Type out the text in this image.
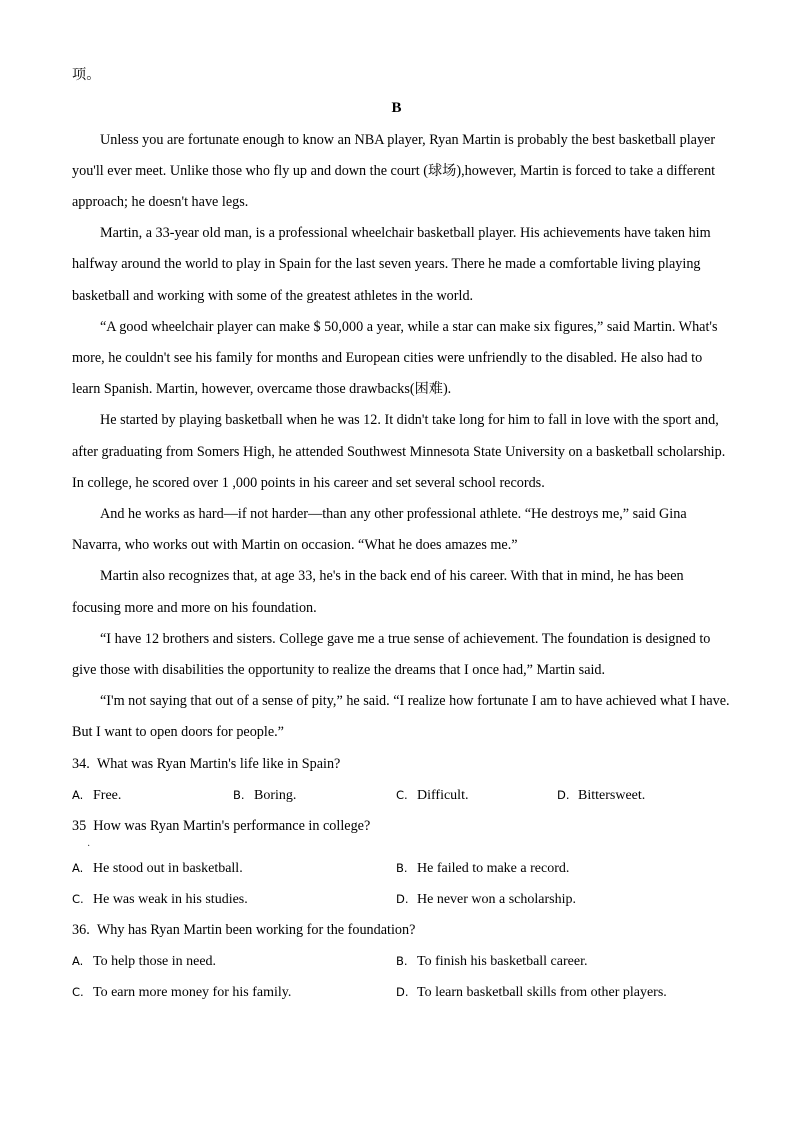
项。

B

Unless you are fortunate enough to know an NBA player, Ryan Martin is probably the best basketball player

you'll ever meet. Unlike those who fly up and down the court (球场),however, Martin is forced to take a different

approach; he doesn't have legs.

Martin, a 33-year old man, is a professional wheelchair basketball player. His achievements have taken him

halfway around the world to play in Spain for the last seven years. There he made a comfortable living playing

basketball and working with some of the greatest athletes in the world.

“A good wheelchair player can make $ 50,000 a year, while a star can make six figures,” said Martin. What's

more, he couldn't see his family for months and European cities were unfriendly to the disabled. He also had to

learn Spanish. Martin, however, overcame those drawbacks(困难).

He started by playing basketball when he was 12. It didn't take long for him to fall in love with the sport and,

after graduating from Somers High, he attended Southwest Minnesota State University on a basketball scholarship.

In college, he scored over 1 ,000 points in his career and set several school records.

And he works as hard—if not harder—than any other professional athlete. “He destroys me,” said Gina

Navarra, who works out with Martin on occasion. “What he does amazes me.”

Martin also recognizes that, at age 33, he's in the back end of his career. With that in mind, he has been

focusing more and more on his foundation.

“I have 12 brothers and sisters. College gave me a true sense of achievement. The foundation is designed to

give those with disabilities the opportunity to realize the dreams that I once had,” Martin said.

“I'm not saying that out of a sense of pity,” he said. “I realize how fortunate I am to have achieved what I have.

But I want to open doors for people.”

34. What was Ryan Martin's life like in Spain?

A. Free.	B. Boring.	C. Difficult.	D. Bittersweet.

35 How was Ryan Martin's performance in college?

·

A. He stood out in basketball.	B. He failed to make a record.

C. He was weak in his studies.	D. He never won a scholarship.

36. Why has Ryan Martin been working for the foundation?

A. To help those in need.	B. To finish his basketball career.

C. To earn more money for his family.	D. To learn basketball skills from other players.
